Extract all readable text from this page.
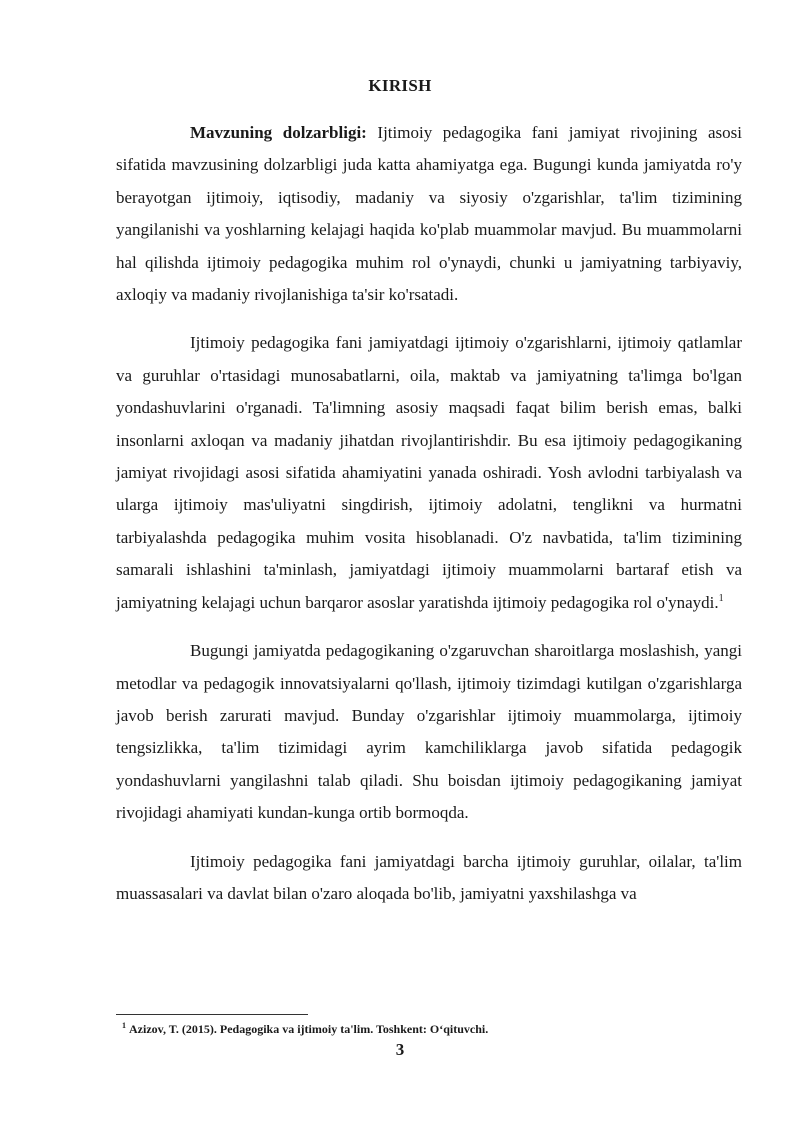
KIRISH

Mavzuning dolzarbligi: Ijtimoiy pedagogika fani jamiyat rivojining asosi sifatida mavzusining dolzarbligi juda katta ahamiyatga ega. Bugungi kunda jamiyatda ro'y berayotgan ijtimoiy, iqtisodiy, madaniy va siyosiy o'zgarishlar, ta'lim tizimining yangilanishi va yoshlarning kelajagi haqida ko'plab muammolar mavjud. Bu muammolarni hal qilishda ijtimoiy pedagogika muhim rol o'ynaydi, chunki u jamiyatning tarbiyaviy, axloqiy va madaniy rivojlanishiga ta'sir ko'rsatadi.

Ijtimoiy pedagogika fani jamiyatdagi ijtimoiy o'zgarishlarni, ijtimoiy qatlamlar va guruhlar o'rtasidagi munosabatlarni, oila, maktab va jamiyatning ta'limga bo'lgan yondashuvlarini o'rganadi. Ta'limning asosiy maqsadi faqat bilim berish emas, balki insonlarni axloqan va madaniy jihatdan rivojlantirishdir. Bu esa ijtimoiy pedagogikaning jamiyat rivojidagi asosi sifatida ahamiyatini yanada oshiradi. Yosh avlodni tarbiyalash va ularga ijtimoiy mas'uliyatni singdirish, ijtimoiy adolatni, tenglikni va hurmatni tarbiyalashda pedagogika muhim vosita hisoblanadi. O'z navbatida, ta'lim tizimining samarali ishlashini ta'minlash, jamiyatdagi ijtimoiy muammolarni bartaraf etish va jamiyatning kelajagi uchun barqaror asoslar yaratishda ijtimoiy pedagogika rol o'ynaydi.$^1$

Bugungi jamiyatda pedagogikaning o'zgaruvchan sharoitlarga moslashish, yangi metodlar va pedagogik innovatsiyalarni qo'llash, ijtimoiy tizimdagi kutilgan o'zgarishlarga javob berish zarurati mavjud. Bunday o'zgarishlar ijtimoiy muammolarga, ijtimoiy tengsizlikka, ta'lim tizimidagi ayrim kamchiliklarga javob sifatida pedagogik yondashuvlarni yangilashni talab qiladi. Shu boisdan ijtimoiy pedagogikaning jamiyat rivojidagi ahamiyati kundan-kunga ortib bormoqda.

Ijtimoiy pedagogika fani jamiyatdagi barcha ijtimoiy guruhlar, oilalar, ta'lim muassasalari va davlat bilan o'zaro aloqada bo'lib, jamiyatni yaxshilashga va

$^1$ Azizov, T. (2015). Pedagogika va ijtimoiy ta'lim. Toshkent: O‘qituvchi.
3
